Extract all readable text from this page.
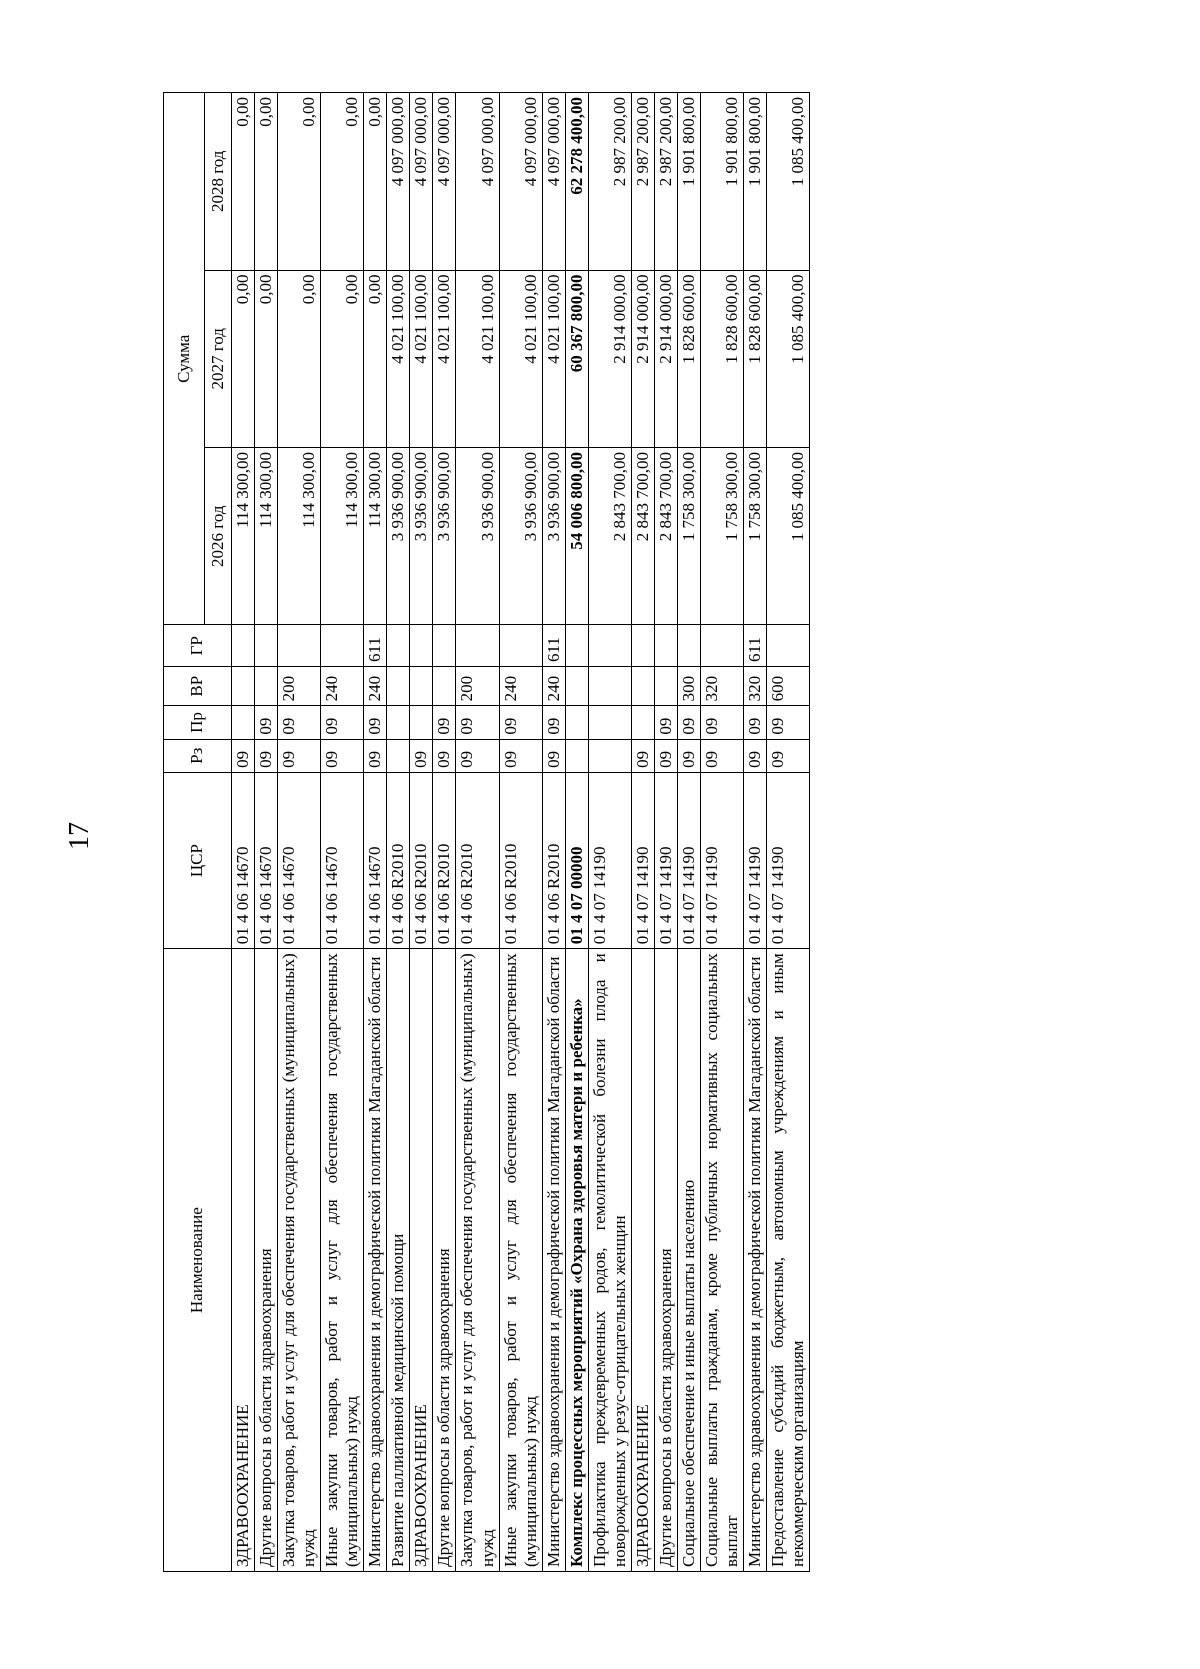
17
Наименование	ЦСР	Рз	Пр	ВР	ГР	Сумма		
						2026 год	2027 год	2028 год
ЗДРАВООХРАНЕНИЕ	01 4 06 14670	09				114 300,00	0,00	0,00
Другие вопросы в области здравоохранения	01 4 06 14670	09	09			114 300,00	0,00	0,00
Закупка товаров, работ и услуг для обеспечения государственных (муниципальных) нужд	01 4 06 14670	09	09	200		114 300,00	0,00	0,00
Иные закупки товаров, работ и услуг для обеспечения государственных (муниципальных) нужд	01 4 06 14670	09	09	240		114 300,00	0,00	0,00
Министерство здравоохранения и демографической политики Магаданской области	01 4 06 14670	09	09	240	611	114 300,00	0,00	0,00
Развитие паллиативной медицинской помощи	01 4 06 R2010					3 936 900,00	4 021 100,00	4 097 000,00
ЗДРАВООХРАНЕНИЕ	01 4 06 R2010	09				3 936 900,00	4 021 100,00	4 097 000,00
Другие вопросы в области здравоохранения	01 4 06 R2010	09	09			3 936 900,00	4 021 100,00	4 097 000,00
Закупка товаров, работ и услуг для обеспечения государственных (муниципальных) нужд	01 4 06 R2010	09	09	200		3 936 900,00	4 021 100,00	4 097 000,00
Иные закупки товаров, работ и услуг для обеспечения государственных (муниципальных) нужд	01 4 06 R2010	09	09	240		3 936 900,00	4 021 100,00	4 097 000,00
Министерство здравоохранения и демографической политики Магаданской области	01 4 06 R2010	09	09	240	611	3 936 900,00	4 021 100,00	4 097 000,00
Комплекс процессных мероприятий «Охрана здоровья матери и ребенка»	01 4 07 00000					54 006 800,00	60 367 800,00	62 278 400,00
Профилактика преждевременных родов, гемолитической болезни плода и новорожденных у резус-отрицательных женщин	01 4 07 14190					2 843 700,00	2 914 000,00	2 987 200,00
ЗДРАВООХРАНЕНИЕ	01 4 07 14190	09				2 843 700,00	2 914 000,00	2 987 200,00
Другие вопросы в области здравоохранения	01 4 07 14190	09	09			2 843 700,00	2 914 000,00	2 987 200,00
Социальное обеспечение и иные выплаты населению	01 4 07 14190	09	09	300		1 758 300,00	1 828 600,00	1 901 800,00
Социальные выплаты гражданам, кроме публичных нормативных социальных выплат	01 4 07 14190	09	09	320		1 758 300,00	1 828 600,00	1 901 800,00
Министерство здравоохранения и демографической политики Магаданской области	01 4 07 14190	09	09	320	611	1 758 300,00	1 828 600,00	1 901 800,00
Предоставление субсидий бюджетным, автономным учреждениям и иным некоммерческим организациям	01 4 07 14190	09	09	600		1 085 400,00	1 085 400,00	1 085 400,00
